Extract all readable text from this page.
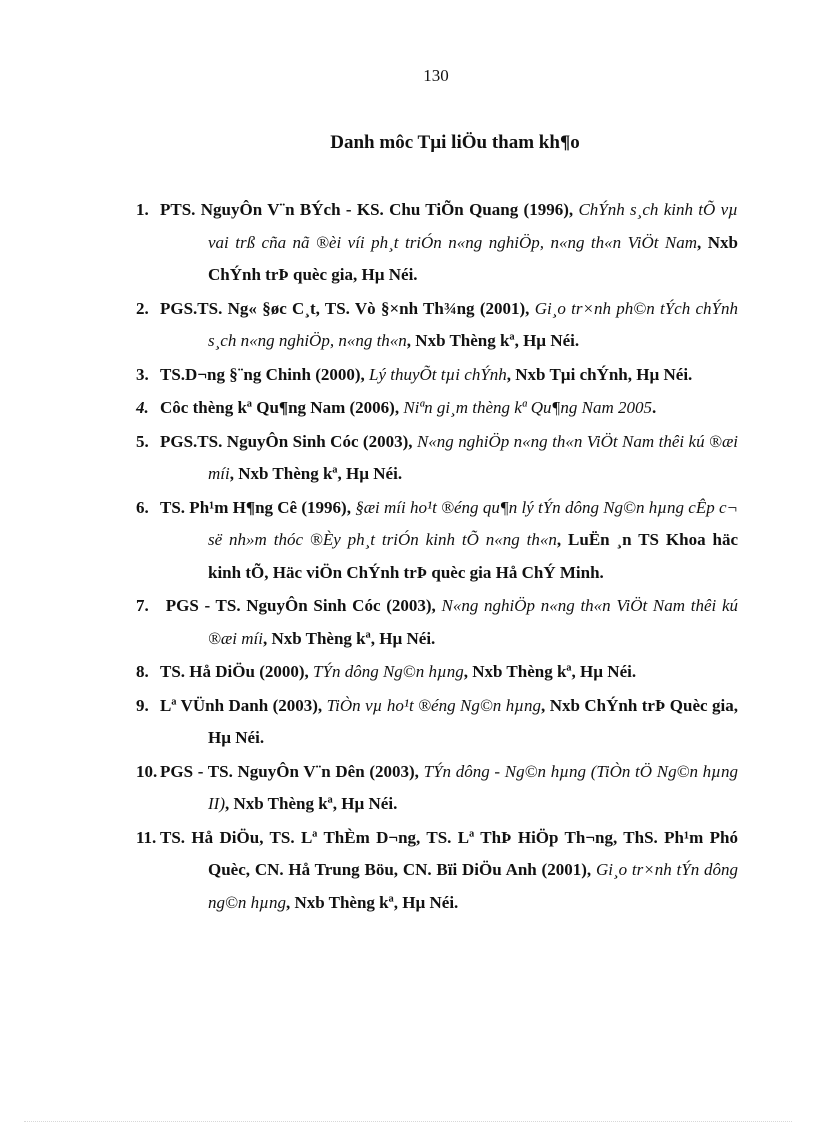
130
Danh môc Tµi liÖu tham kh¶o
1. PTS. NguyÔn V¨n BÝch - KS. Chu TiÕn Quang (1996), ChÝnh s¸ch kinh tÕ vµ vai trß cña nã ®èi víi ph¸t triÓn n«ng nghiÖp, n«ng th«n ViÖt Nam, Nxb ChÝnh trÞ quèc gia, Hµ Néi.
2. PGS.TS. Ng« §øc C¸t, TS. Vò §×nh Th¾ng (2001), Gi¸o tr×nh ph©n tÝch chÝnh s¸ch n«ng nghiÖp, n«ng th«n, Nxb Thèng kª, Hµ Néi.
3. TS.D¬ng §¨ng Chinh (2000), Lý thuyÕt tµi chÝnh, Nxb Tµi chÝnh, Hµ Néi.
4. Côc thèng kª Qu¶ng Nam (2006), Niªn gi¸m thèng kª Qu¶ng Nam 2005.
5. PGS.TS. NguyÔn Sinh Cóc (2003), N«ng nghiÖp n«ng th«n ViÖt Nam thêi kú ®æi míi, Nxb Thèng kª, Hµ Néi.
6. TS. Ph¹m H¶ng Cê (1996), §æi míi ho¹t ®éng qu¶n lý tÝn dông Ng©n hµng cÊp c¬ së nh»m thóc ®Èy ph¸t triÓn kinh tÕ n«ng th«n, LuËn ¸n TS Khoa häc kinh tÕ, Häc viÖn ChÝnh trÞ quèc gia Hå ChÝ Minh.
7. PGS - TS. NguyÔn Sinh Cóc (2003), N«ng nghiÖp n«ng th«n ViÖt Nam thêi kú ®æi míi, Nxb Thèng kª, Hµ Néi.
8. TS. Hå DiÖu (2000), TÝn dông Ng©n hµng, Nxb Thèng kª, Hµ Néi.
9. Lª VÜnh Danh (2003), TiÒn vµ ho¹t ®éng Ng©n hµng, Nxb ChÝnh trÞ Quèc gia, Hµ Néi.
10. PGS - TS. NguyÔn V¨n Dên (2003), TÝn dông - Ng©n hµng (TiÒn tÖ Ng©n hµng II), Nxb Thèng kª, Hµ Néi.
11. TS. Hå DiÖu, TS. Lª ThÈm D¬ng, TS. Lª ThÞ HiÖp Th¬ng, ThS. Ph¹m Phó Quèc, CN. Hå Trung Böu, CN. Bïi DiÖu Anh (2001), Gi¸o tr×nh tÝn dông ng©n hµng, Nxb Thèng kª, Hµ Néi.
